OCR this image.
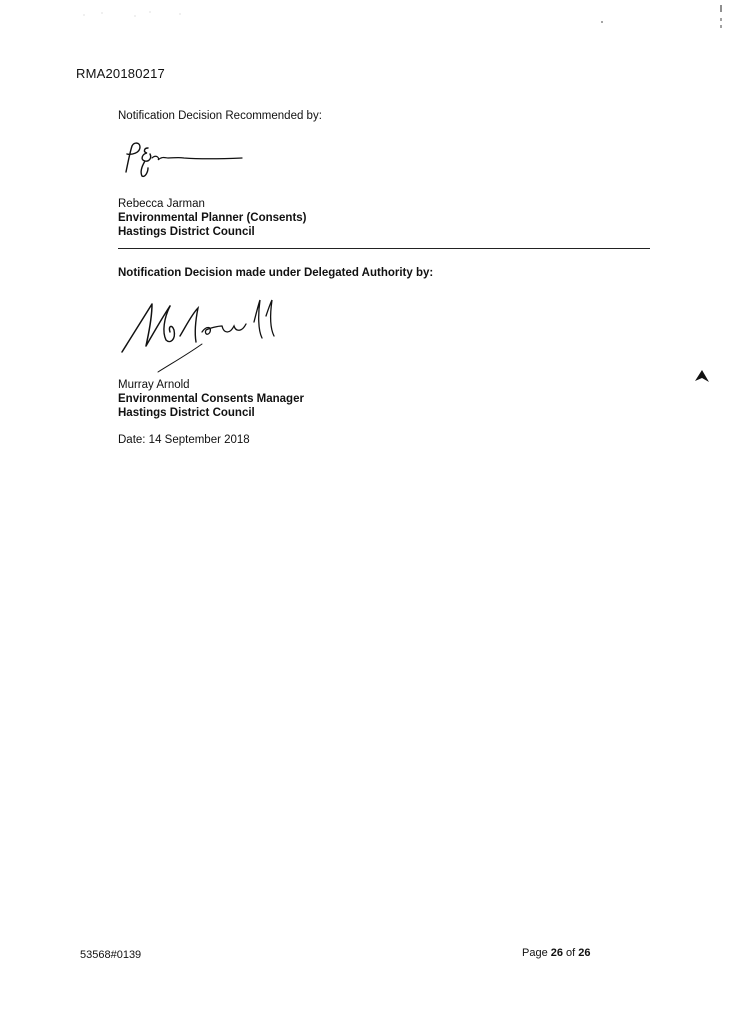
RMA20180217
Notification Decision Recommended by:
Rebecca Jarman
Environmental Planner (Consents)
Hastings District Council
Notification Decision made under Delegated Authority by:
Murray Arnold
Environmental Consents Manager
Hastings District Council
Date: 14 September 2018
53568#0139	Page 26 of 26
